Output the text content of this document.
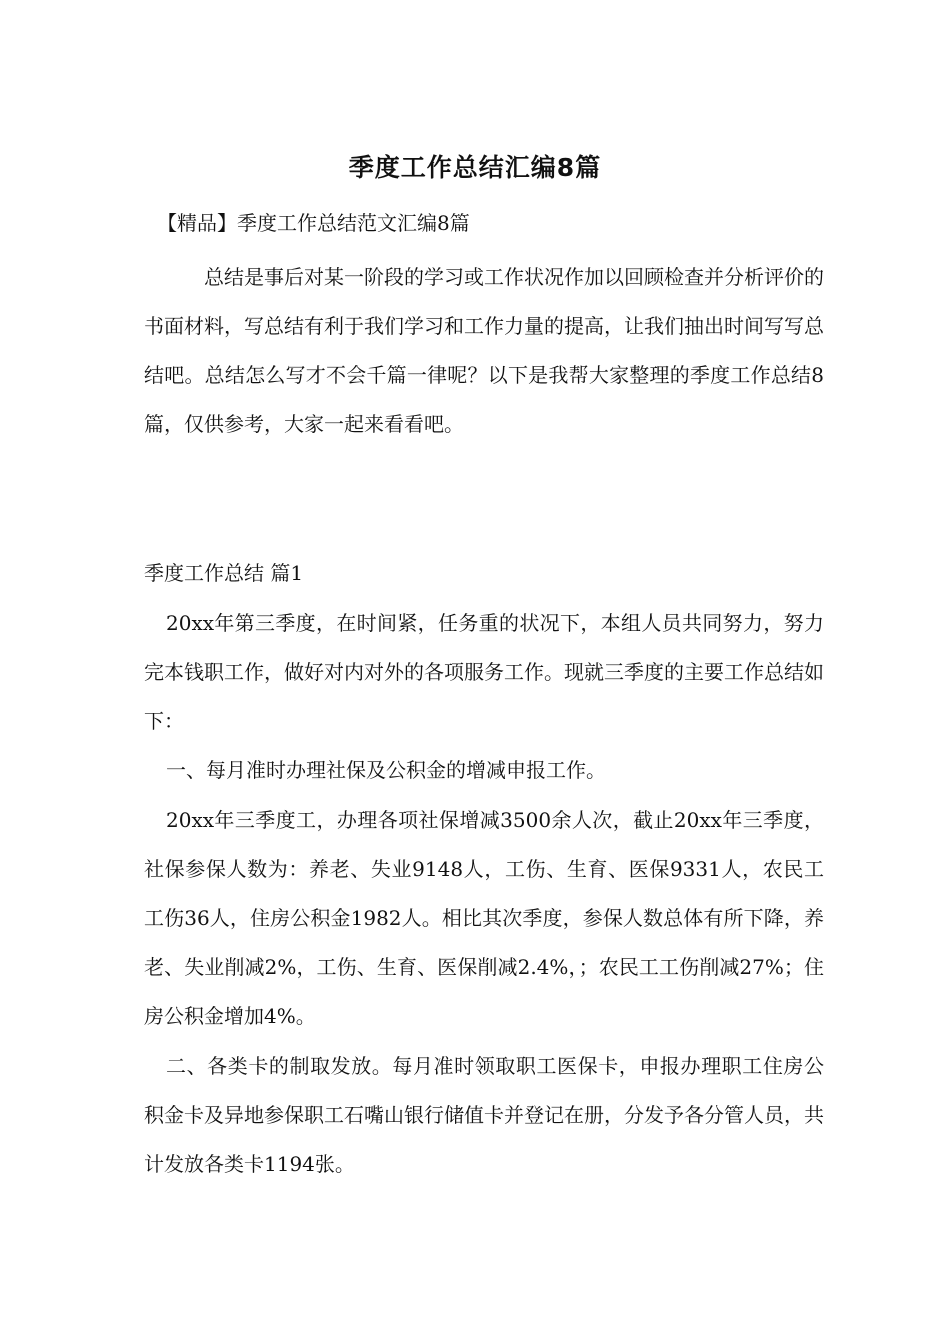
季度工作总结汇编8篇
【精品】季度工作总结范文汇编8篇
总结是事后对某一阶段的学习或工作状况作加以回顾检查并分析评价的书面材料，写总结有利于我们学习和工作力量的提高，让我们抽出时间写写总结吧。总结怎么写才不会千篇一律呢？以下是我帮大家整理的季度工作总结8篇，仅供参考，大家一起来看看吧。
季度工作总结 篇1
20xx年第三季度，在时间紧，任务重的状况下，本组人员共同努力，努力完本钱职工作，做好对内对外的各项服务工作。现就三季度的主要工作总结如下：
一、每月准时办理社保及公积金的增减申报工作。
20xx年三季度工，办理各项社保增减3500余人次，截止20xx年三季度，社保参保人数为：养老、失业9148人，工伤、生育、医保9331人，农民工工伤36人，住房公积金1982人。相比其次季度，参保人数总体有所下降，养老、失业削减2%，工伤、生育、医保削减2.4%，；农民工工伤削减27%；住房公积金增加4%。
二、各类卡的制取发放。每月准时领取职工医保卡，申报办理职工住房公积金卡及异地参保职工石嘴山银行储值卡并登记在册，分发予各分管人员，共计发放各类卡1194张。
